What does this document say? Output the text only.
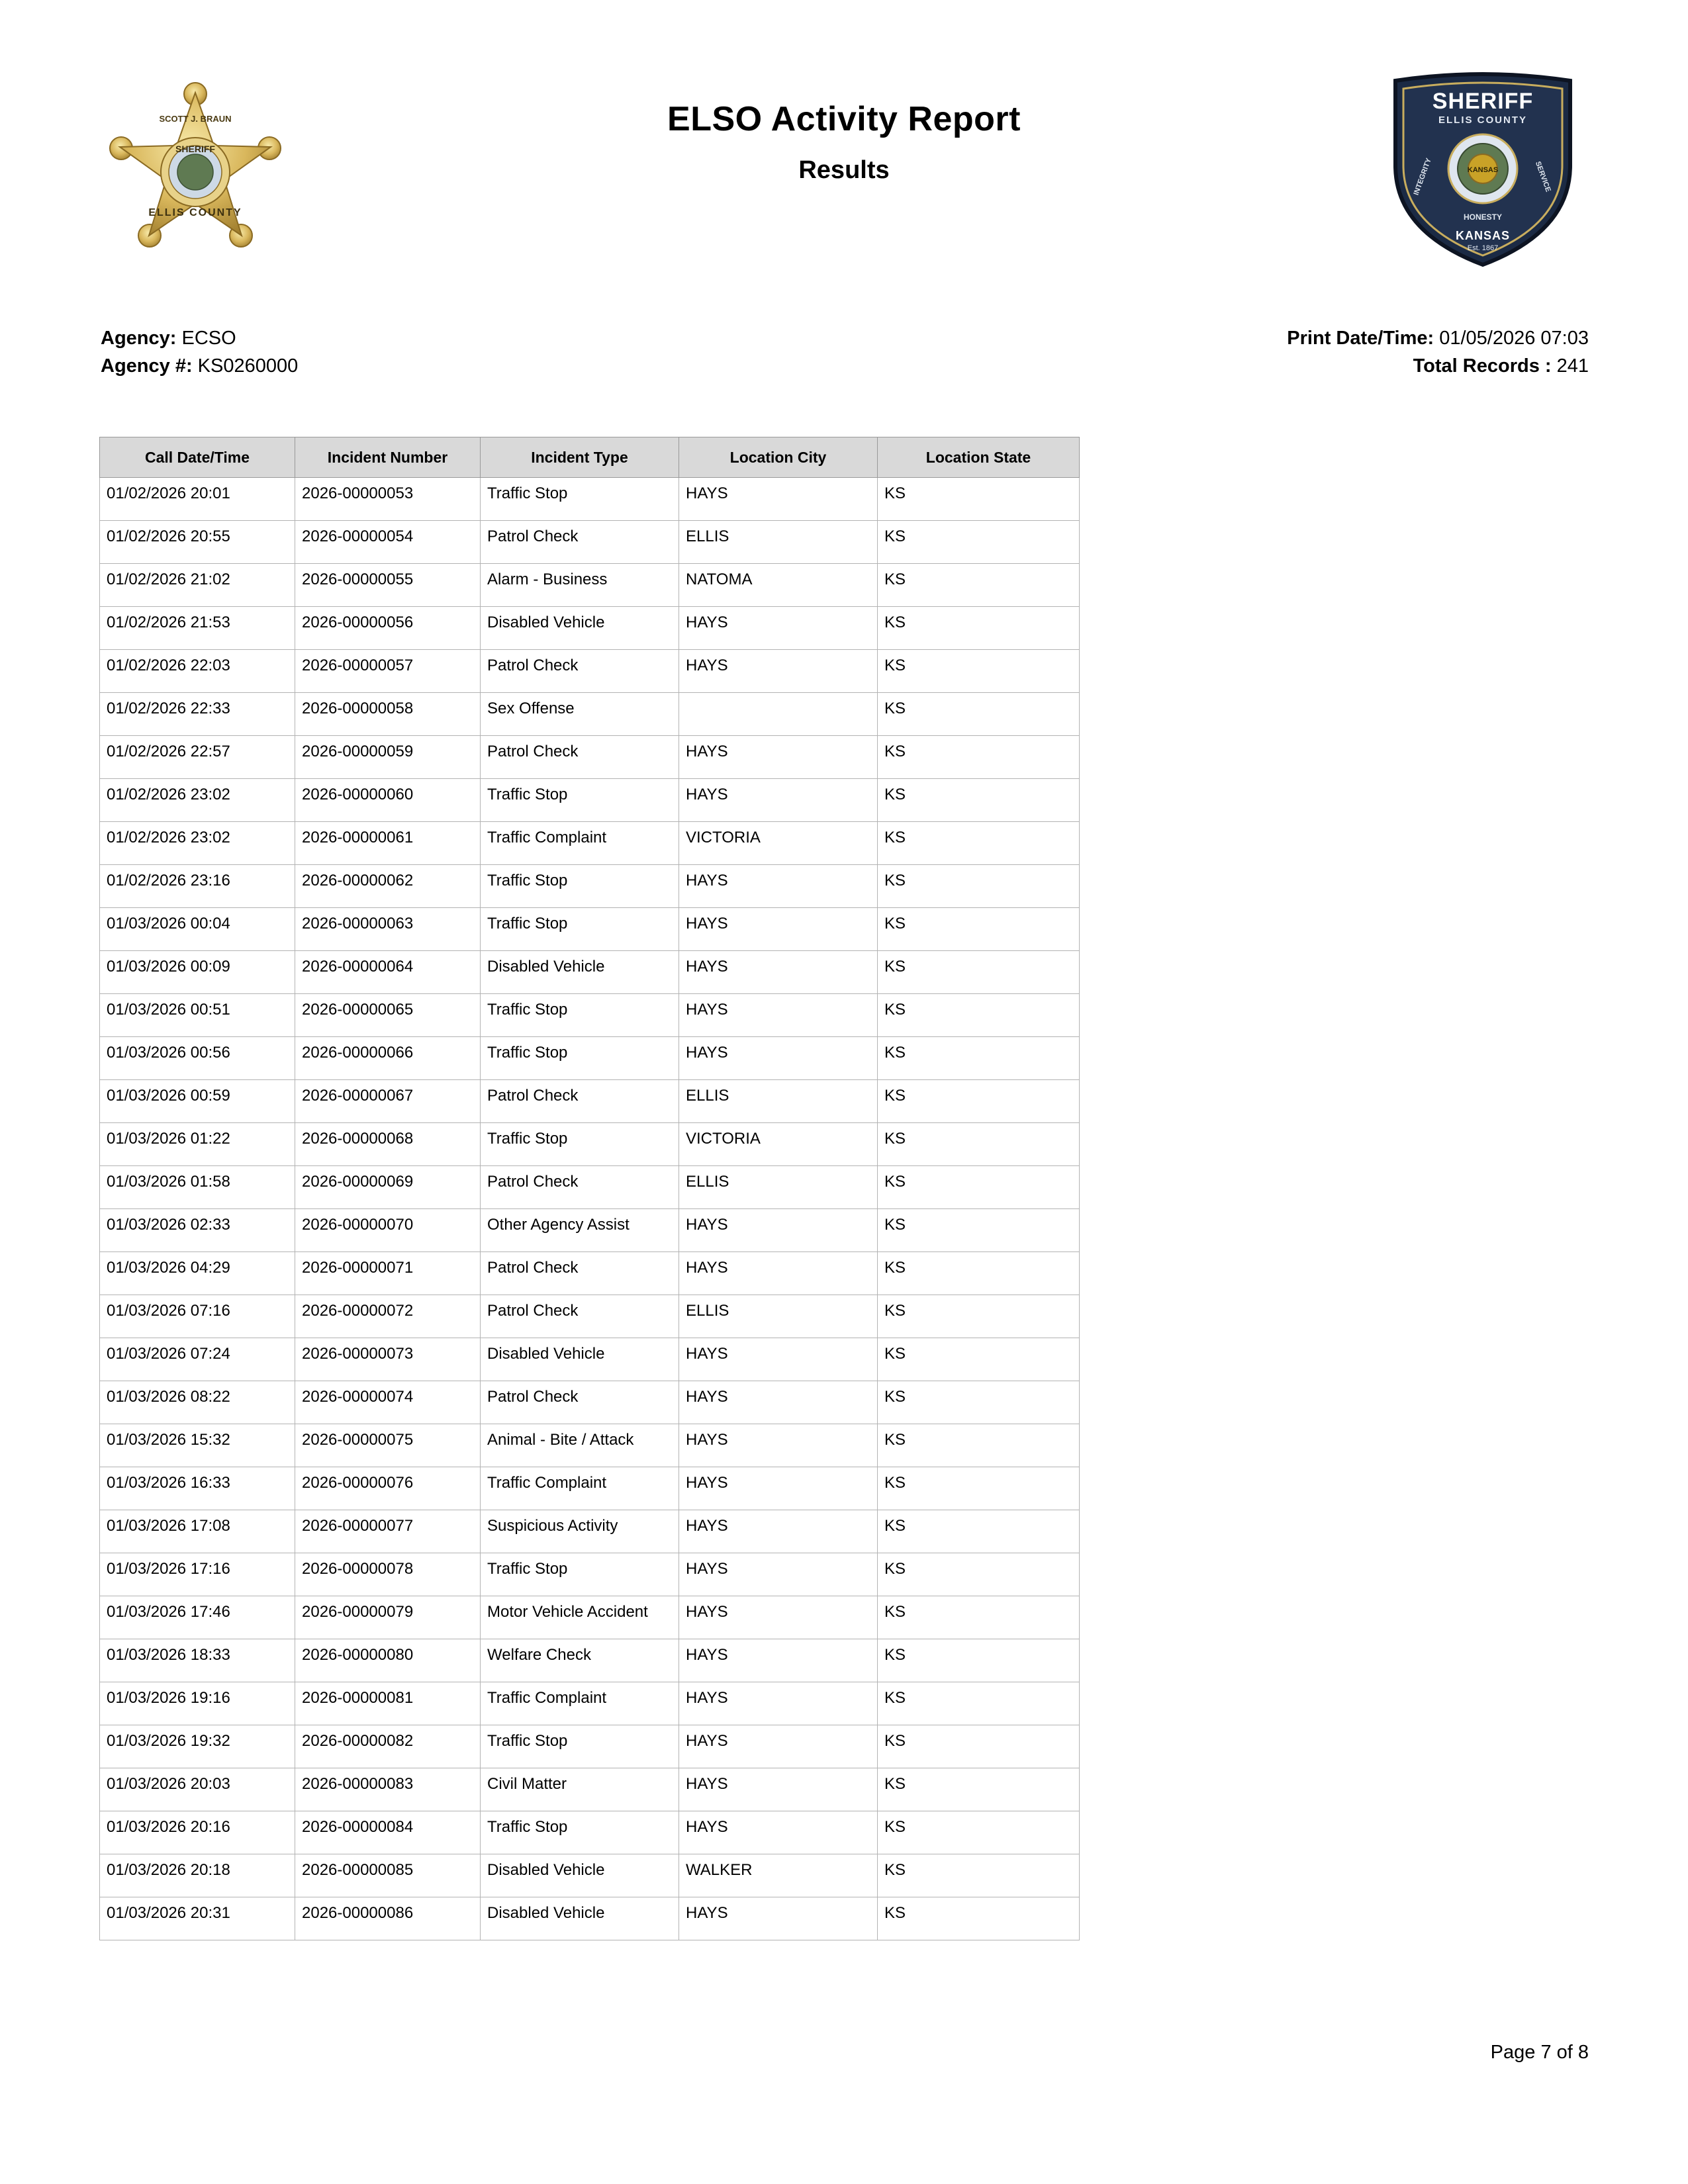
SCOTT J. BRAUN
SHERIFF
ELLIS COUNTY
SHERIFF
ELLIS COUNTY
KANSAS
INTEGRITY	SERVICE
HONESTY
KANSAS
Est. 1867
ELSO Activity Report
Results
Agency: ECSO
Agency #: KS0260000
Print Date/Time: 01/05/2026 07:03
Total Records : 241
Call Date/Time	Incident Number	Incident Type	Location City	Location State
01/02/2026 20:01	2026-00000053	Traffic Stop	HAYS	KS
01/02/2026 20:55	2026-00000054	Patrol Check	ELLIS	KS
01/02/2026 21:02	2026-00000055	Alarm - Business	NATOMA	KS
01/02/2026 21:53	2026-00000056	Disabled Vehicle	HAYS	KS
01/02/2026 22:03	2026-00000057	Patrol Check	HAYS	KS
01/02/2026 22:33	2026-00000058	Sex Offense		KS
01/02/2026 22:57	2026-00000059	Patrol Check	HAYS	KS
01/02/2026 23:02	2026-00000060	Traffic Stop	HAYS	KS
01/02/2026 23:02	2026-00000061	Traffic Complaint	VICTORIA	KS
01/02/2026 23:16	2026-00000062	Traffic Stop	HAYS	KS
01/03/2026 00:04	2026-00000063	Traffic Stop	HAYS	KS
01/03/2026 00:09	2026-00000064	Disabled Vehicle	HAYS	KS
01/03/2026 00:51	2026-00000065	Traffic Stop	HAYS	KS
01/03/2026 00:56	2026-00000066	Traffic Stop	HAYS	KS
01/03/2026 00:59	2026-00000067	Patrol Check	ELLIS	KS
01/03/2026 01:22	2026-00000068	Traffic Stop	VICTORIA	KS
01/03/2026 01:58	2026-00000069	Patrol Check	ELLIS	KS
01/03/2026 02:33	2026-00000070	Other Agency Assist	HAYS	KS
01/03/2026 04:29	2026-00000071	Patrol Check	HAYS	KS
01/03/2026 07:16	2026-00000072	Patrol Check	ELLIS	KS
01/03/2026 07:24	2026-00000073	Disabled Vehicle	HAYS	KS
01/03/2026 08:22	2026-00000074	Patrol Check	HAYS	KS
01/03/2026 15:32	2026-00000075	Animal - Bite / Attack	HAYS	KS
01/03/2026 16:33	2026-00000076	Traffic Complaint	HAYS	KS
01/03/2026 17:08	2026-00000077	Suspicious Activity	HAYS	KS
01/03/2026 17:16	2026-00000078	Traffic Stop	HAYS	KS
01/03/2026 17:46	2026-00000079	Motor Vehicle Accident	HAYS	KS
01/03/2026 18:33	2026-00000080	Welfare Check	HAYS	KS
01/03/2026 19:16	2026-00000081	Traffic Complaint	HAYS	KS
01/03/2026 19:32	2026-00000082	Traffic Stop	HAYS	KS
01/03/2026 20:03	2026-00000083	Civil Matter	HAYS	KS
01/03/2026 20:16	2026-00000084	Traffic Stop	HAYS	KS
01/03/2026 20:18	2026-00000085	Disabled Vehicle	WALKER	KS
01/03/2026 20:31	2026-00000086	Disabled Vehicle	HAYS	KS
Page 7 of 8
